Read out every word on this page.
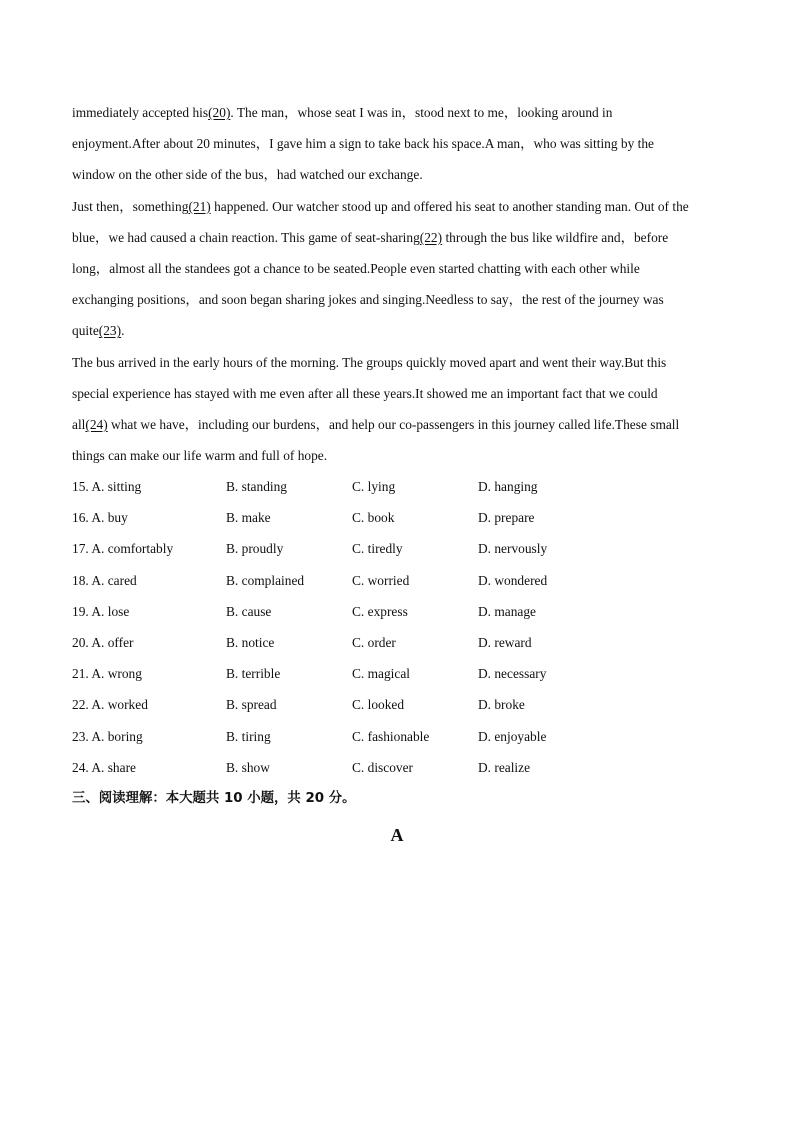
immediately accepted his(20). The man，whose seat I was in，stood next to me，looking around in
enjoyment.After about 20 minutes，I gave him a sign to take back his space.A man，who was sitting by the
window on the other side of the bus，had watched our exchange.
Just then，something(21) happened. Our watcher stood up and offered his seat to another standing man. Out of the
blue，we had caused a chain reaction. This game of seat-sharing(22) through the bus like wildfire and，before
long，almost all the standees got a chance to be seated.People even started chatting with each other while
exchanging positions，and soon began sharing jokes and singing.Needless to say，the rest of the journey was
quite(23).
The bus arrived in the early hours of the morning. The groups quickly moved apart and went their way.But this
special experience has stayed with me even after all these years.It showed me an important fact that we could
all(24) what we have，including our burdens，and help our co-passengers in this journey called life.These small
things can make our life warm and full of hope.
15. A. sitting	B. standing	C. lying	D. hanging
16. A. buy	B. make	C. book	D. prepare
17. A. comfortably	B. proudly	C. tiredly	D. nervously
18. A. cared	B. complained	C. worried	D. wondered
19. A. lose	B. cause	C. express	D. manage
20. A. offer	B. notice	C. order	D. reward
21. A. wrong	B. terrible	C. magical	D. necessary
22. A. worked	B. spread	C. looked	D. broke
23. A. boring	B. tiring	C. fashionable	D. enjoyable
24. A. share	B. show	C. discover	D. realize
三、阅读理解：本大题共 10 小题，共 20 分。
A
